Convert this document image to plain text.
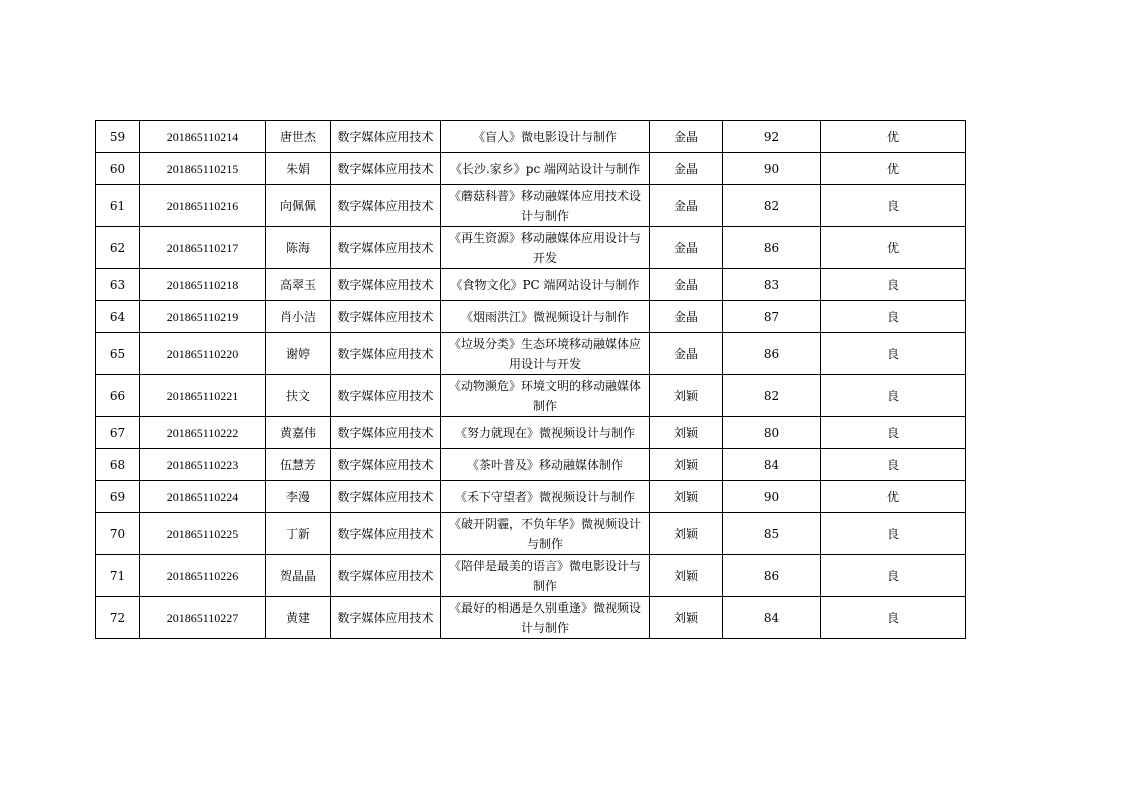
59	201865110214	唐世杰	数字媒体应用技术	《盲人》微电影设计与制作	金晶	92	优
60	201865110215	朱娟	数字媒体应用技术	《长沙.家乡》pc 端网站设计与制作	金晶	90	优
61	201865110216	向佩佩	数字媒体应用技术	《蘑菇科普》移动融媒体应用技术设计与制作	金晶	82	良
62	201865110217	陈海	数字媒体应用技术	《再生资源》移动融媒体应用设计与开发	金晶	86	优
63	201865110218	高翠玉	数字媒体应用技术	《食物文化》PC 端网站设计与制作	金晶	83	良
64	201865110219	肖小洁	数字媒体应用技术	《烟雨洪江》微视频设计与制作	金晶	87	良
65	201865110220	谢婷	数字媒体应用技术	《垃圾分类》生态环境移动融媒体应用设计与开发	金晶	86	良
66	201865110221	扶文	数字媒体应用技术	《动物濒危》环境文明的移动融媒体制作	刘颖	82	良
67	201865110222	黄嘉伟	数字媒体应用技术	《努力就现在》微视频设计与制作	刘颖	80	良
68	201865110223	伍慧芳	数字媒体应用技术	《茶叶普及》移动融媒体制作	刘颖	84	良
69	201865110224	李漫	数字媒体应用技术	《禾下守望者》微视频设计与制作	刘颖	90	优
70	201865110225	丁新	数字媒体应用技术	《破开阴霾，不负年华》微视频设计与制作	刘颖	85	良
71	201865110226	贺晶晶	数字媒体应用技术	《陪伴是最美的语言》微电影设计与制作	刘颖	86	良
72	201865110227	黄建	数字媒体应用技术	《最好的相遇是久别重逢》微视频设计与制作	刘颖	84	良
